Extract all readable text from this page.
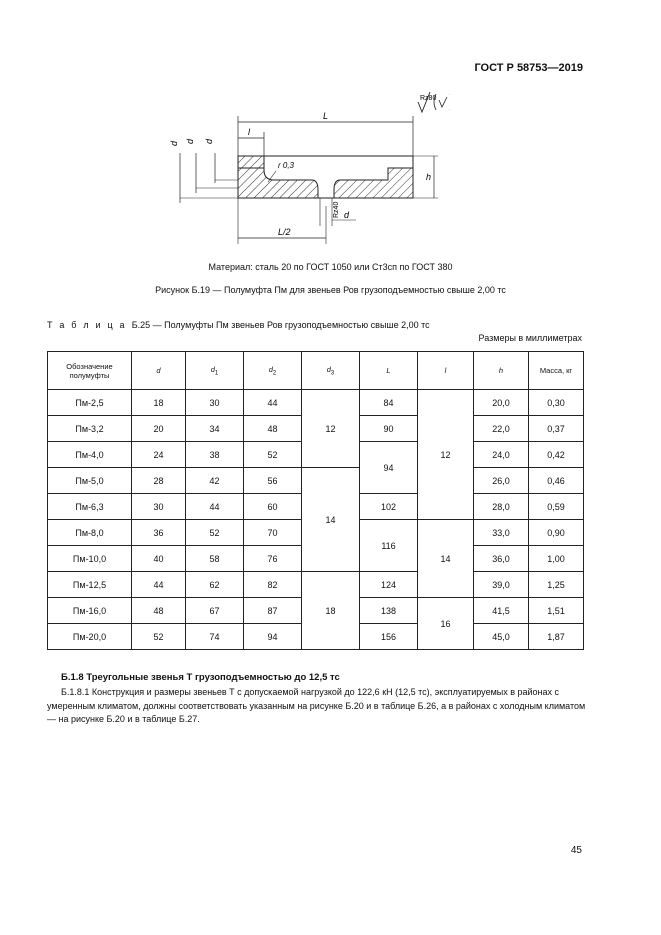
ГОСТ Р 58753—2019
Rz80
L
l
d d d
r 0,3
h
Rz40 d
L/2
Материал: сталь 20 по ГОСТ 1050 или Ст3сп по ГОСТ 380
Рисунок Б.19 — Полумуфта Пм для звеньев Ров грузоподъемностью свыше 2,00 тс
Т а б л и ц а Б.25 — Полумуфты Пм звеньев Ров грузоподъемностью свыше 2,00 тс
Размеры в миллиметрах
Обозначение полумуфты	d	$d_1$	$d_2$	$d_3$	L	l	h	Масса, кг
Пм-2,5	18	30	44	12	84	12	20,0	0,30
Пм-3,2	20	34	48		90		22,0	0,37
Пм-4,0	24	38	52		94		24,0	0,42
Пм-5,0	28	42	56	14			26,0	0,46
Пм-6,3	30	44	60		102		28,0	0,59
Пм-8,0	36	52	70		116	14	33,0	0,90
Пм-10,0	40	58	76				36,0	1,00
Пм-12,5	44	62	82	18	124		39,0	1,25
Пм-16,0	48	67	87		138	16	41,5	1,51
Пм-20,0	52	74	94		156		45,0	1,87
Б.1.8 Треугольные звенья Т грузоподъемностью до 12,5 тс
Б.1.8.1 Конструкция и размеры звеньев Т с допускаемой нагрузкой до 122,6 кН (12,5 тс), эксплуатируемых в районах с умеренным климатом, должны соответствовать указанным на рисунке Б.20 и в таблице Б.26, а в районах с холодным климатом — на рисунке Б.20 и в таблице Б.27.
45
